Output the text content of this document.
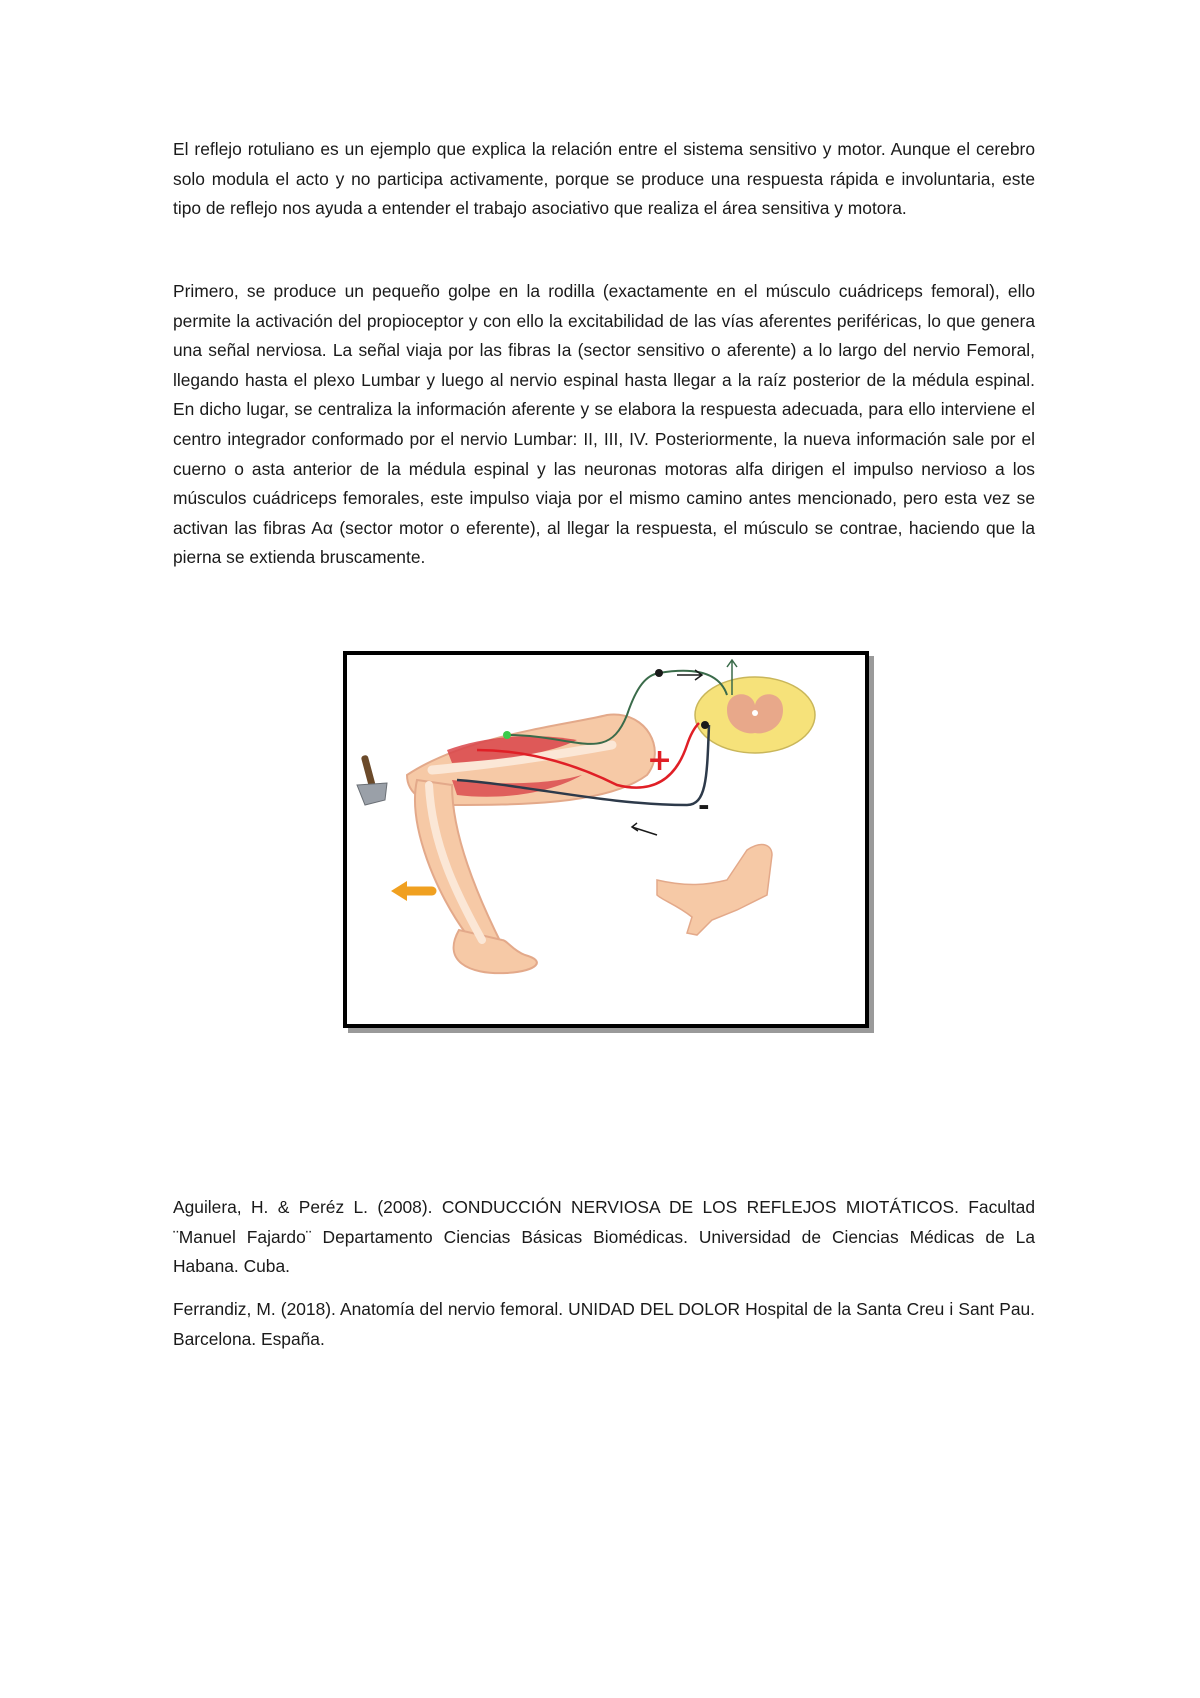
El reflejo rotuliano es un ejemplo que explica la relación entre el sistema sensitivo y motor. Aunque el cerebro solo modula el acto y no participa activamente, porque se produce una respuesta rápida e involuntaria, este tipo de reflejo nos ayuda a entender el trabajo asociativo que realiza el área sensitiva y motora.

Primero, se produce un pequeño golpe en la rodilla (exactamente en el músculo cuádriceps femoral), ello permite la activación del propioceptor y con ello la excitabilidad de las vías aferentes periféricas, lo que genera una señal nerviosa. La señal viaja por las fibras Ia (sector sensitivo o aferente) a lo largo del nervio Femoral, llegando hasta el plexo Lumbar y luego al nervio espinal hasta llegar a la raíz posterior de la médula espinal. En dicho lugar, se centraliza la información aferente y se elabora la respuesta adecuada, para ello interviene el centro integrador conformado por el nervio Lumbar: II, III, IV. Posteriormente, la nueva información sale por el cuerno o asta anterior de la médula espinal y las neuronas motoras alfa dirigen el impulso nervioso a los músculos cuádriceps femorales, este impulso viaja por el mismo camino antes mencionado, pero esta vez se activan las fibras Aα (sector motor o eferente), al llegar la respuesta, el músculo se contrae, haciendo que la pierna se extienda bruscamente.

+
-

Aguilera, H. & Peréz L. (2008). CONDUCCIÓN NERVIOSA DE LOS REFLEJOS MIOTÁTICOS. Facultad ¨Manuel Fajardo¨ Departamento Ciencias Básicas Biomédicas. Universidad de Ciencias Médicas de La Habana. Cuba.

Ferrandiz, M. (2018). Anatomía del nervio femoral. UNIDAD DEL DOLOR Hospital de la Santa Creu i Sant Pau. Barcelona. España.
